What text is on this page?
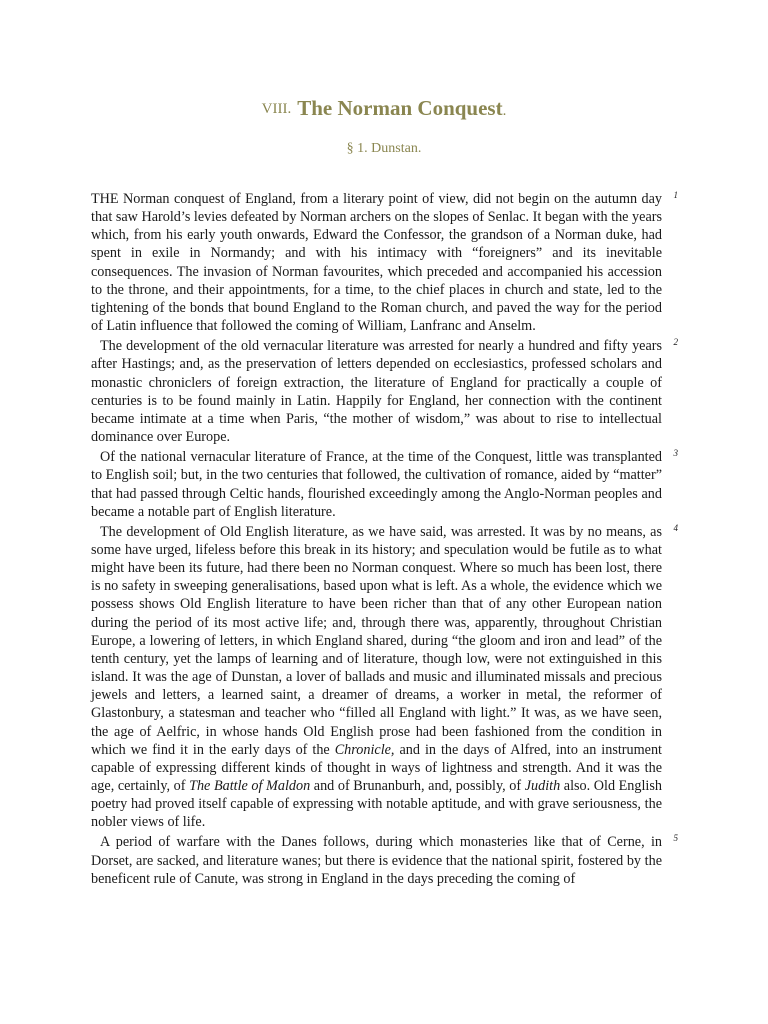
VIII. The Norman Conquest.
§ 1. Dunstan.

THE Norman conquest of England, from a literary point of view, did not begin on the autumn day that saw Harold’s levies defeated by Norman archers on the slopes of Senlac. It began with the years which, from his early youth onwards, Edward the Confessor, the grandson of a Norman duke, had spent in exile in Normandy; and with his intimacy with “foreigners” and its inevitable consequences. The invasion of Norman favourites, which preceded and accompanied his accession to the throne, and their appointments, for a time, to the chief places in church and state, led to the tightening of the bonds that bound England to the Roman church, and paved the way for the period of Latin influence that followed the coming of William, Lanfranc and Anselm.
1

The development of the old vernacular literature was arrested for nearly a hundred and fifty years after Hastings; and, as the preservation of letters depended on ecclesiastics, professed scholars and monastic chroniclers of foreign extraction, the literature of England for practically a couple of centuries is to be found mainly in Latin. Happily for England, her connection with the continent became intimate at a time when Paris, “the mother of wisdom,” was about to rise to intellectual dominance over Europe.
2

Of the national vernacular literature of France, at the time of the Conquest, little was transplanted to English soil; but, in the two centuries that followed, the cultivation of romance, aided by “matter” that had passed through Celtic hands, flourished exceedingly among the Anglo-Norman peoples and became a notable part of English literature.
3

The development of Old English literature, as we have said, was arrested. It was by no means, as some have urged, lifeless before this break in its history; and speculation would be futile as to what might have been its future, had there been no Norman conquest. Where so much has been lost, there is no safety in sweeping generalisations, based upon what is left. As a whole, the evidence which we possess shows Old English literature to have been richer than that of any other European nation during the period of its most active life; and, through there was, apparently, throughout Christian Europe, a lowering of letters, in which England shared, during “the gloom and iron and lead” of the tenth century, yet the lamps of learning and of literature, though low, were not extinguished in this island. It was the age of Dunstan, a lover of ballads and music and illuminated missals and precious jewels and letters, a learned saint, a dreamer of dreams, a worker in metal, the reformer of Glastonbury, a statesman and teacher who “filled all England with light.” It was, as we have seen, the age of Aelfric, in whose hands Old English prose had been fashioned from the condition in which we find it in the early days of the Chronicle, and in the days of Alfred, into an instrument capable of expressing different kinds of thought in ways of lightness and strength. And it was the age, certainly, of The Battle of Maldon and of Brunanburh, and, possibly, of Judith also. Old English poetry had proved itself capable of expressing with notable aptitude, and with grave seriousness, the nobler views of life.
4

A period of warfare with the Danes follows, during which monasteries like that of Cerne, in Dorset, are sacked, and literature wanes; but there is evidence that the national spirit, fostered by the beneficent rule of Canute, was strong in England in the days preceding the coming of
5
